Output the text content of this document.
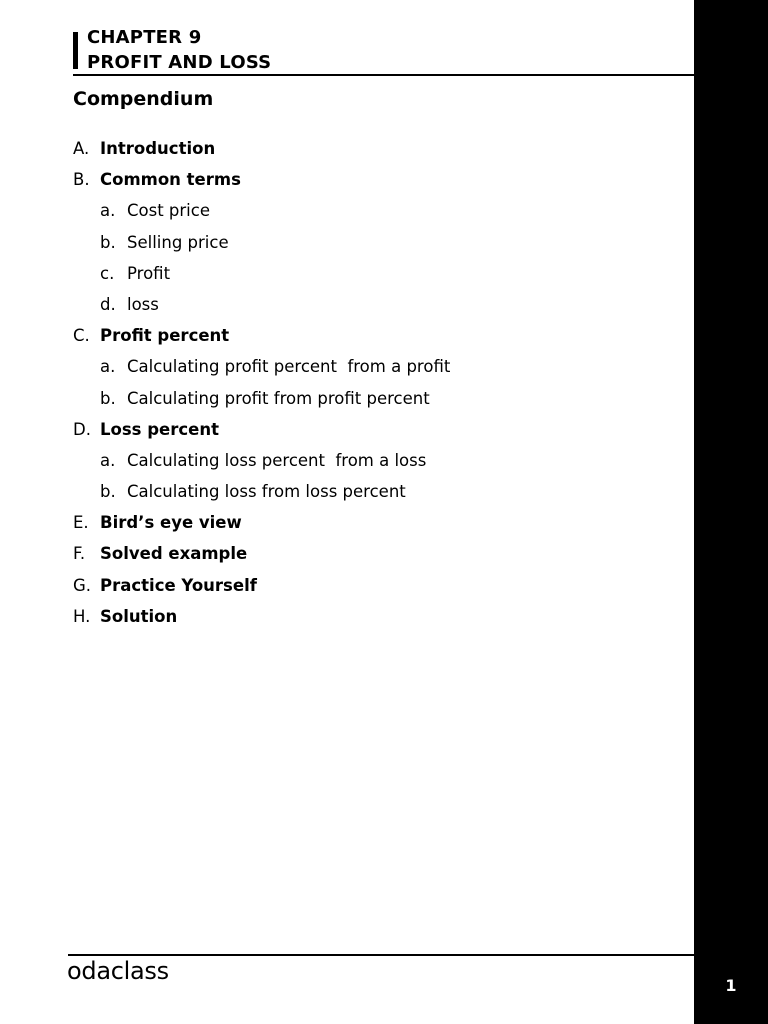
1
CHAPTER 9
PROFIT AND LOSS
Compendium
A. Introduction
B. Common terms
a. Cost price
b. Selling price
c. Profit
d. loss
C. Profit percent
a. Calculating profit percent  from a profit
b. Calculating profit from profit percent
D. Loss percent
a. Calculating loss percent  from a loss
b. Calculating loss from loss percent
E. Bird’s eye view
F. Solved example
G. Practice Yourself
H. Solution
odaclass
